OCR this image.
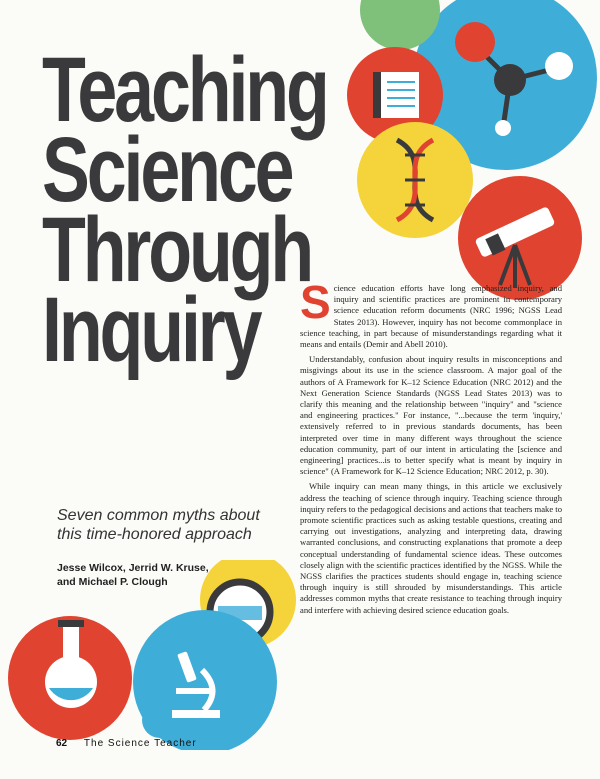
Teaching
Science
Through
Inquiry
Seven common myths about
this time-honored approach
Jesse Wilcox, Jerrid W. Kruse,
and Michael P. Clough

Science education efforts have long emphasized inquiry, and inquiry and scientific practices are prominent in contemporary science education reform documents (NRC 1996; NGSS Lead States 2013). However, inquiry has not become commonplace in science teaching, in part because of misunderstandings regarding what it means and entails (Demir and Abell 2010).

Understandably, confusion about inquiry results in misconceptions and misgivings about its use in the science classroom. A major goal of the authors of A Framework for K–12 Science Education (NRC 2012) and the Next Generation Science Standards (NGSS Lead States 2013) was to clarify this meaning and the relationship between "inquiry" and "science and engineering practices." For instance, "...because the term 'inquiry,' extensively referred to in previous standards documents, has been interpreted over time in many different ways throughout the science education community, part of our intent in articulating the [science and engineering] practices...is to better specify what is meant by inquiry in science" (A Framework for K–12 Science Education; NRC 2012, p. 30).

While inquiry can mean many things, in this article we exclusively address the teaching of science through inquiry. Teaching science through inquiry refers to the pedagogical decisions and actions that teachers make to promote scientific practices such as asking testable questions, creating and carrying out investigations, analyzing and interpreting data, drawing warranted conclusions, and constructing explanations that promote a deep conceptual understanding of fundamental science ideas. These outcomes closely align with the scientific practices identified by the NGSS. While the NGSS clarifies the practices students should engage in, teaching science through inquiry is still shrouded by misunderstandings. This article addresses common myths that create resistance to teaching through inquiry and interfere with achieving desired science education goals.

62 The Science Teacher
